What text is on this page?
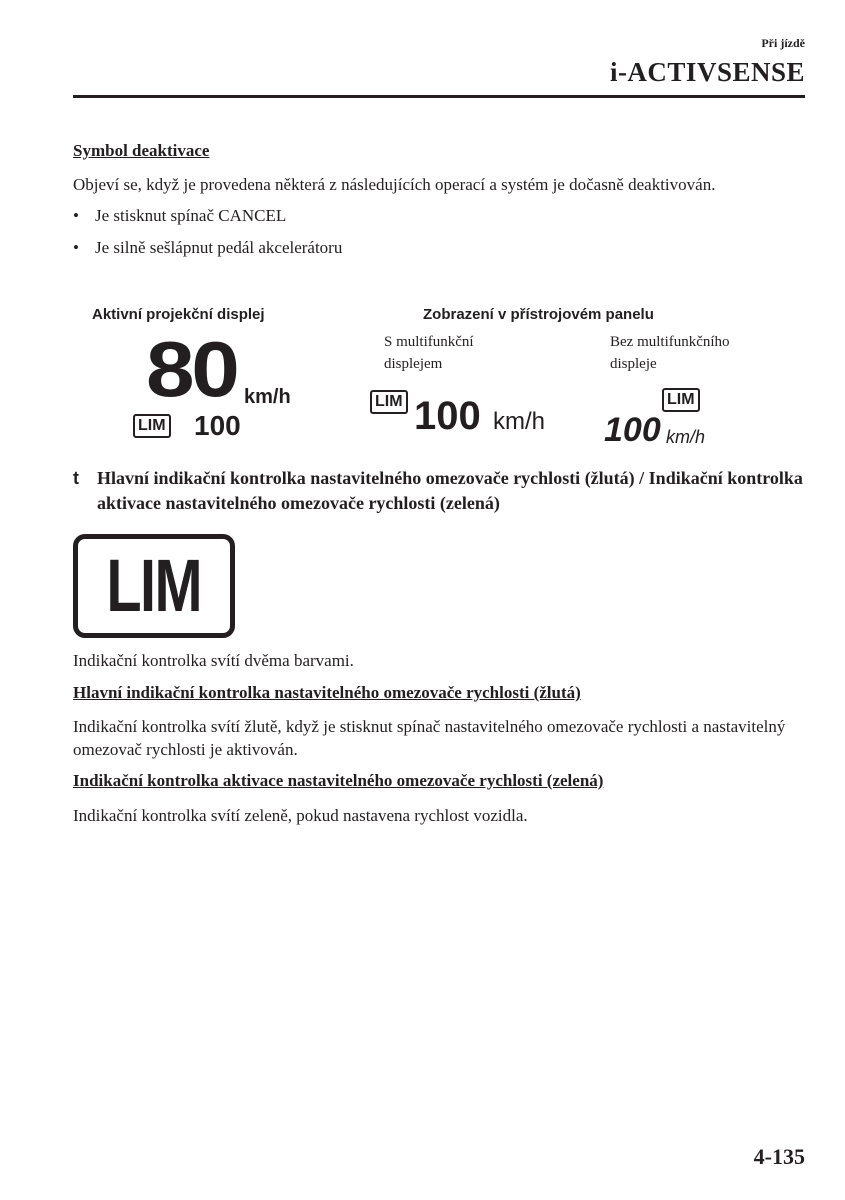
Při jízdě
i-ACTIVSENSE
Symbol deaktivace
Objeví se, když je provedena některá z následujících operací a systém je dočasně deaktivován.
• Je stisknut spínač CANCEL
• Je silně sešlápnut pedál akcelerátoru
Aktivní projekční displej
80 km/h
LIM 100
Zobrazení v přístrojovém panelu
S multifunkční displejem
LIM 100 km/h
Bez multifunkčního displeje
LIM
100 km/h
t Hlavní indikační kontrolka nastavitelného omezovače rychlosti (žlutá) / Indikační kontrolka aktivace nastavitelného omezovače rychlosti (zelená)
LIM
Indikační kontrolka svítí dvěma barvami.
Hlavní indikační kontrolka nastavitelného omezovače rychlosti (žlutá)
Indikační kontrolka svítí žlutě, když je stisknut spínač nastavitelného omezovače rychlosti a nastavitelný omezovač rychlosti je aktivován.
Indikační kontrolka aktivace nastavitelného omezovače rychlosti (zelená)
Indikační kontrolka svítí zeleně, pokud nastavena rychlost vozidla.
4-135
